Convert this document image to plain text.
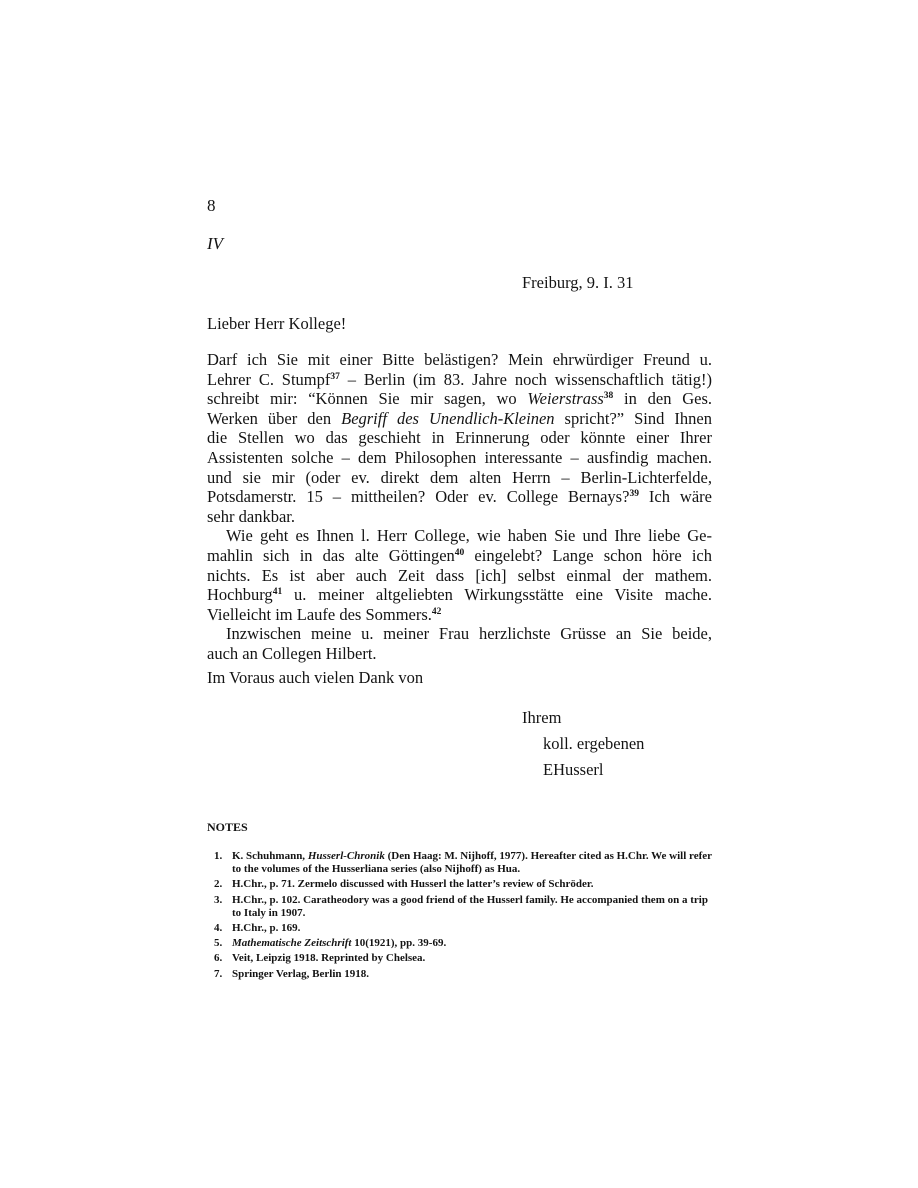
8
IV
Freiburg, 9. I. 31
Lieber Herr Kollege!
Darf ich Sie mit einer Bitte belästigen? Mein ehrwürdiger Freund u.
Lehrer C. Stumpf$^{37}$ – Berlin (im 83. Jahre noch wissenschaftlich tätig!)
schreibt mir: “Können Sie mir sagen, wo Weierstrass$^{38}$ in den Ges.
Werken über den Begriff des Unendlich-Kleinen spricht?” Sind Ihnen
die Stellen wo das geschieht in Erinnerung oder könnte einer Ihrer
Assistenten solche – dem Philosophen interessante – ausfindig machen.
und sie mir (oder ev. direkt dem alten Herrn – Berlin-Lichterfelde,
Potsdamerstr. 15 – mittheilen? Oder ev. College Bernays?$^{39}$ Ich wäre
sehr dankbar.
Wie geht es Ihnen l. Herr College, wie haben Sie und Ihre liebe Ge-
mahlin sich in das alte Göttingen$^{40}$ eingelebt? Lange schon höre ich
nichts. Es ist aber auch Zeit dass [ich] selbst einmal der mathem.
Hochburg$^{41}$ u. meiner altgeliebten Wirkungsstätte eine Visite mache.
Vielleicht im Laufe des Sommers.$^{42}$
Inzwischen meine u. meiner Frau herzlichste Grüsse an Sie beide,
auch an Collegen Hilbert.
Im Voraus auch vielen Dank von
Ihrem
koll. ergebenen
EHusserl
NOTES
1. K. Schuhmann, Husserl-Chronik (Den Haag: M. Nijhoff, 1977). Hereafter cited as H.Chr. We will refer to the volumes of the Husserliana series (also Nijhoff) as Hua.
2. H.Chr., p. 71. Zermelo discussed with Husserl the latter’s review of Schröder.
3. H.Chr., p. 102. Caratheodory was a good friend of the Husserl family. He accompanied them on a trip to Italy in 1907.
4. H.Chr., p. 169.
5. Mathematische Zeitschrift 10(1921), pp. 39-69.
6. Veit, Leipzig 1918. Reprinted by Chelsea.
7. Springer Verlag, Berlin 1918.
